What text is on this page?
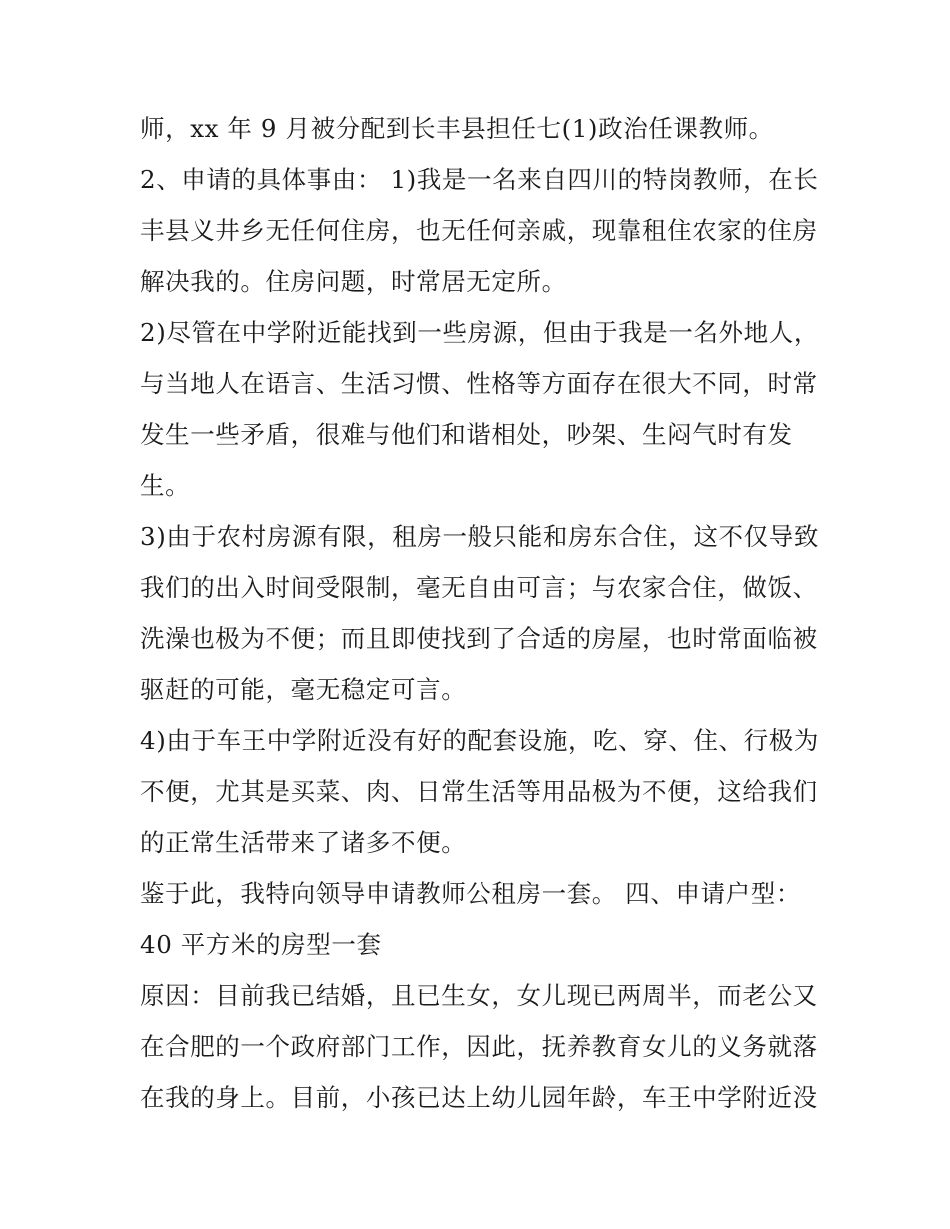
师，xx 年 9 月被分配到长丰县担任七(1)政治任课教师。
2、申请的具体事由： 1)我是一名来自四川的特岗教师，在长
丰县义井乡无任何住房，也无任何亲戚，现靠租住农家的住房
解决我的。住房问题，时常居无定所。
2)尽管在中学附近能找到一些房源，但由于我是一名外地人，
与当地人在语言、生活习惯、性格等方面存在很大不同，时常
发生一些矛盾，很难与他们和谐相处，吵架、生闷气时有发
生。
3)由于农村房源有限，租房一般只能和房东合住，这不仅导致
我们的出入时间受限制，毫无自由可言；与农家合住，做饭、
洗澡也极为不便；而且即使找到了合适的房屋，也时常面临被
驱赶的可能，毫无稳定可言。
4)由于车王中学附近没有好的配套设施，吃、穿、住、行极为
不便，尤其是买菜、肉、日常生活等用品极为不便，这给我们
的正常生活带来了诸多不便。
鉴于此，我特向领导申请教师公租房一套。 四、申请户型：
40 平方米的房型一套
原因：目前我已结婚，且已生女，女儿现已两周半，而老公又
在合肥的一个政府部门工作，因此，抚养教育女儿的义务就落
在我的身上。目前，小孩已达上幼儿园年龄，车王中学附近没
